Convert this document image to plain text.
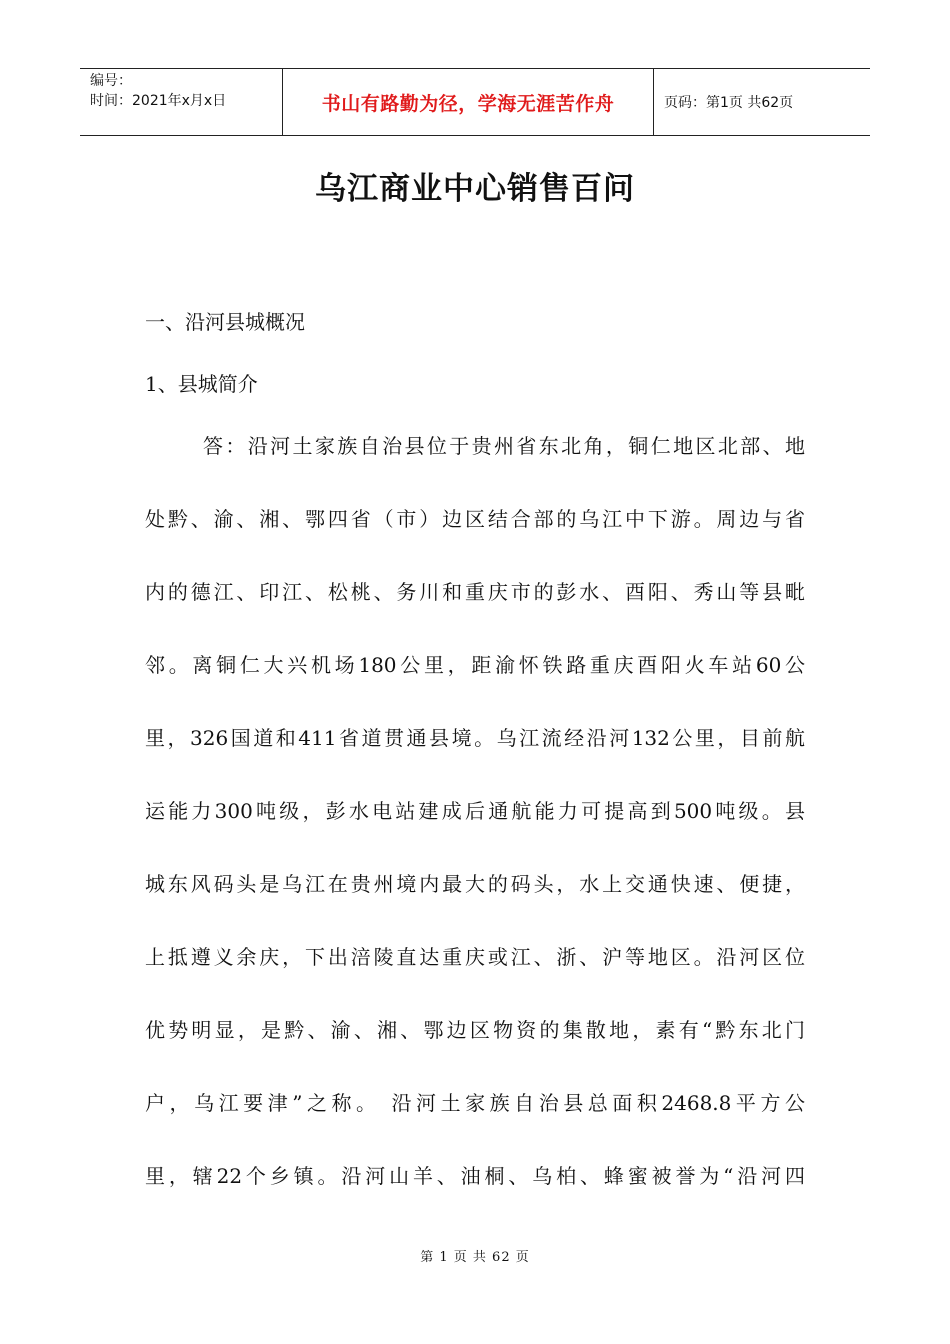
编号：
时间：2021年x月x日	书山有路勤为径，学海无涯苦作舟	页码：第1页 共62页
乌江商业中心销售百问

一、沿河县城概况

1、县城简介

答：沿河土家族自治县位于贵州省东北角，铜仁地区北部、地

处黔、渝、湘、鄂四省（市）边区结合部的乌江中下游。周边与省

内的德江、印江、松桃、务川和重庆市的彭水、酉阳、秀山等县毗

邻。离铜仁大兴机场180公里，距渝怀铁路重庆酉阳火车站60公

里，326国道和411省道贯通县境。乌江流经沿河132公里，目前航

运能力300吨级，彭水电站建成后通航能力可提高到500吨级。县

城东风码头是乌江在贵州境内最大的码头，水上交通快速、便捷，

上抵遵义余庆，下出涪陵直达重庆或江、浙、沪等地区。沿河区位

优势明显，是黔、渝、湘、鄂边区物资的集散地，素有“黔东北门

户，乌江要津”之称。 沿河土家族自治县总面积2468.8平方公

里，辖22个乡镇。沿河山羊、油桐、乌柏、蜂蜜被誉为“沿河四

第 1 页 共 62 页
